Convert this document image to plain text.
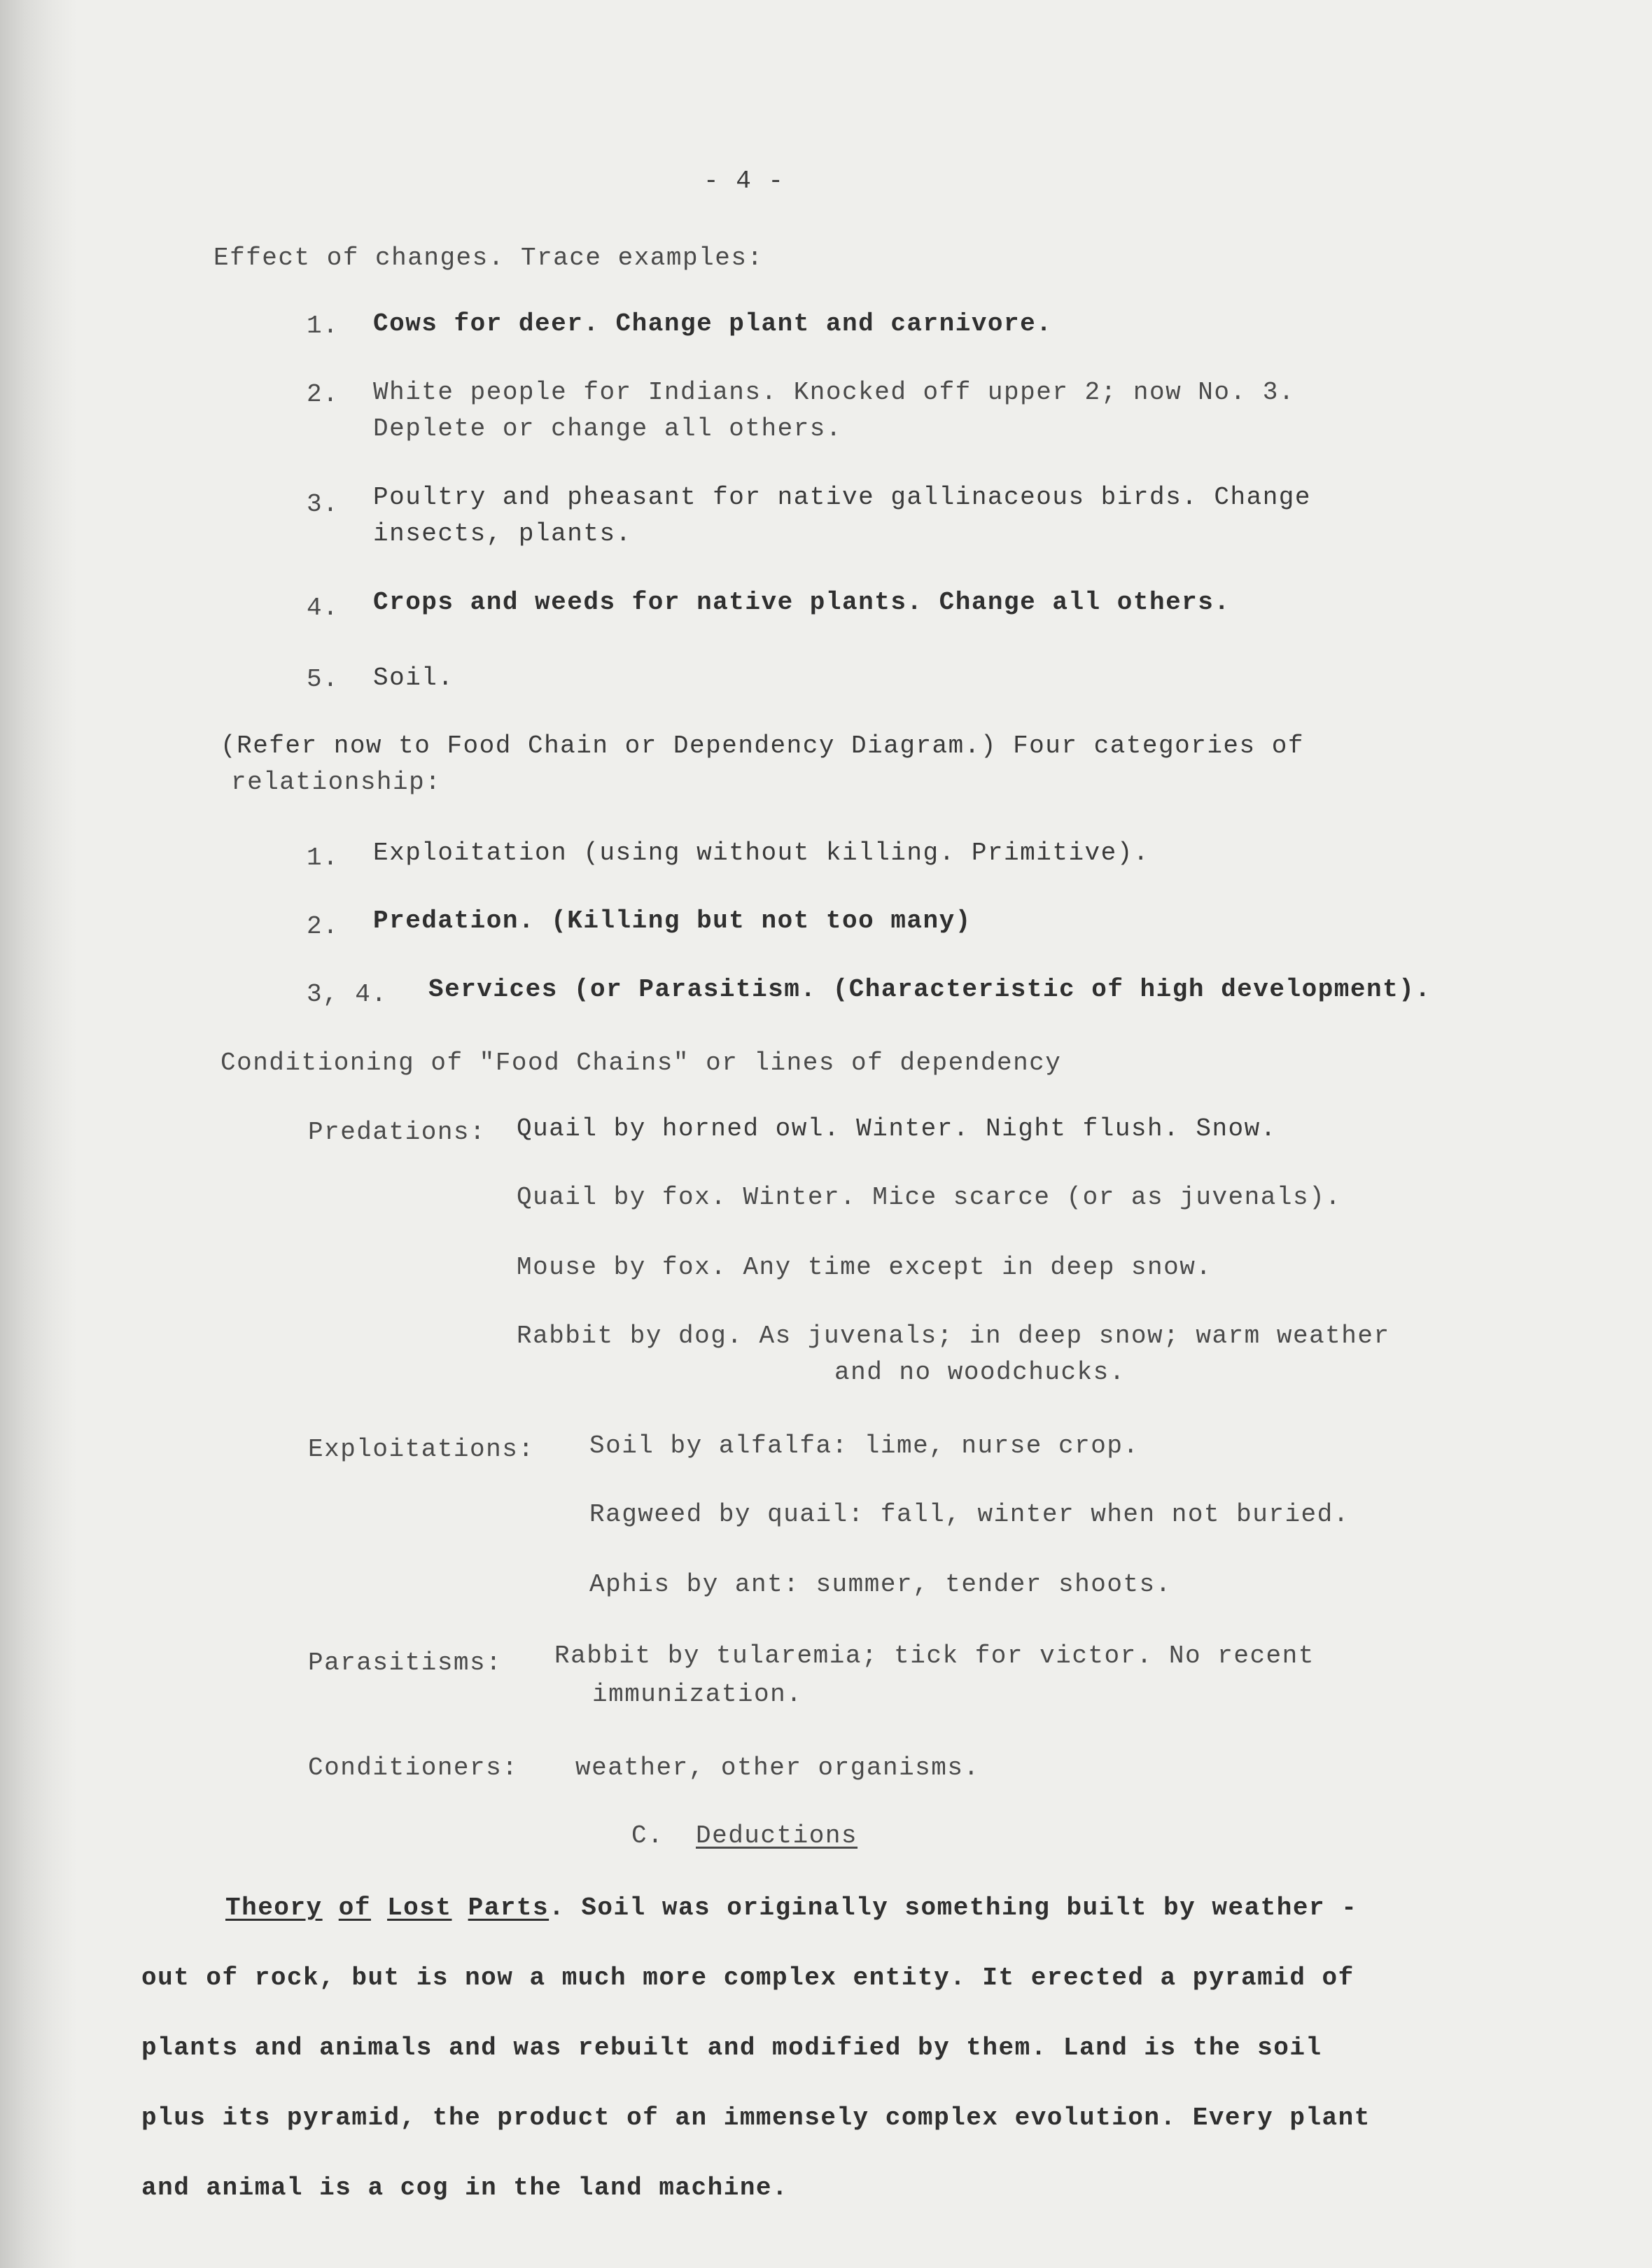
- 4 -
Effect of changes. Trace examples:
1. Cows for deer. Change plant and carnivore.
2. White people for Indians. Knocked off upper 2; now No. 3.
Deplete or change all others.
3. Poultry and pheasant for native gallinaceous birds. Change
insects, plants.
4. Crops and weeds for native plants. Change all others.
5. Soil.
(Refer now to Food Chain or Dependency Diagram.) Four categories of
relationship:
1. Exploitation (using without killing. Primitive).
2. Predation. (Killing but not too many)
3, 4. Services (or Parasitism. (Characteristic of high development).
Conditioning of "Food Chains" or lines of dependency
Predations: Quail by horned owl. Winter. Night flush. Snow.
Quail by fox. Winter. Mice scarce (or as juvenals).
Mouse by fox. Any time except in deep snow.
Rabbit by dog. As juvenals; in deep snow; warm weather
and no woodchucks.
Exploitations: Soil by alfalfa: lime, nurse crop.
Ragweed by quail: fall, winter when not buried.
Aphis by ant: summer, tender shoots.
Parasitisms: Rabbit by tularemia; tick for victor. No recent
immunization.
Conditioners: weather, other organisms.
C. Deductions
Theory of Lost Parts. Soil was originally something built by weather -
out of rock, but is now a much more complex entity. It erected a pyramid of
plants and animals and was rebuilt and modified by them. Land is the soil
plus its pyramid, the product of an immensely complex evolution. Every plant
and animal is a cog in the land machine.
